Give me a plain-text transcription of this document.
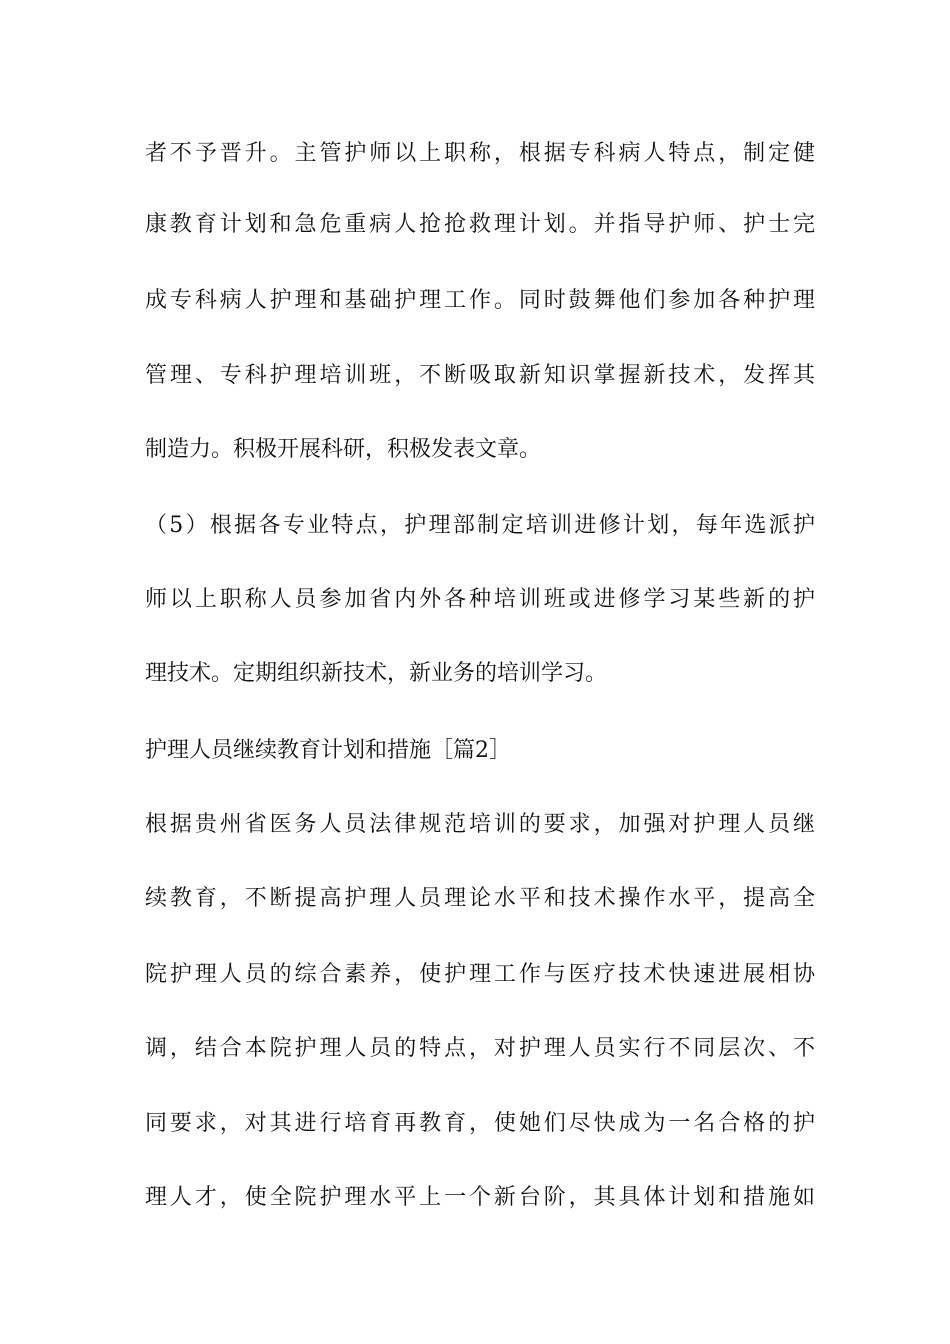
者不予晋升。主管护师以上职称，根据专科病人特点，制定健
康教育计划和急危重病人抢抢救理计划。并指导护师、护士完
成专科病人护理和基础护理工作。同时鼓舞他们参加各种护理
管理、专科护理培训班，不断吸取新知识掌握新技术，发挥其
制造力。积极开展科研，积极发表文章。
（5）根据各专业特点，护理部制定培训进修计划，每年选派护
师以上职称人员参加省内外各种培训班或进修学习某些新的护
理技术。定期组织新技术，新业务的培训学习。
护理人员继续教育计划和措施［篇2］
根据贵州省医务人员法律规范培训的要求，加强对护理人员继
续教育，不断提高护理人员理论水平和技术操作水平，提高全
院护理人员的综合素养，使护理工作与医疗技术快速进展相协
调，结合本院护理人员的特点，对护理人员实行不同层次、不
同要求，对其进行培育再教育，使她们尽快成为一名合格的护
理人才，使全院护理水平上一个新台阶，其具体计划和措施如
